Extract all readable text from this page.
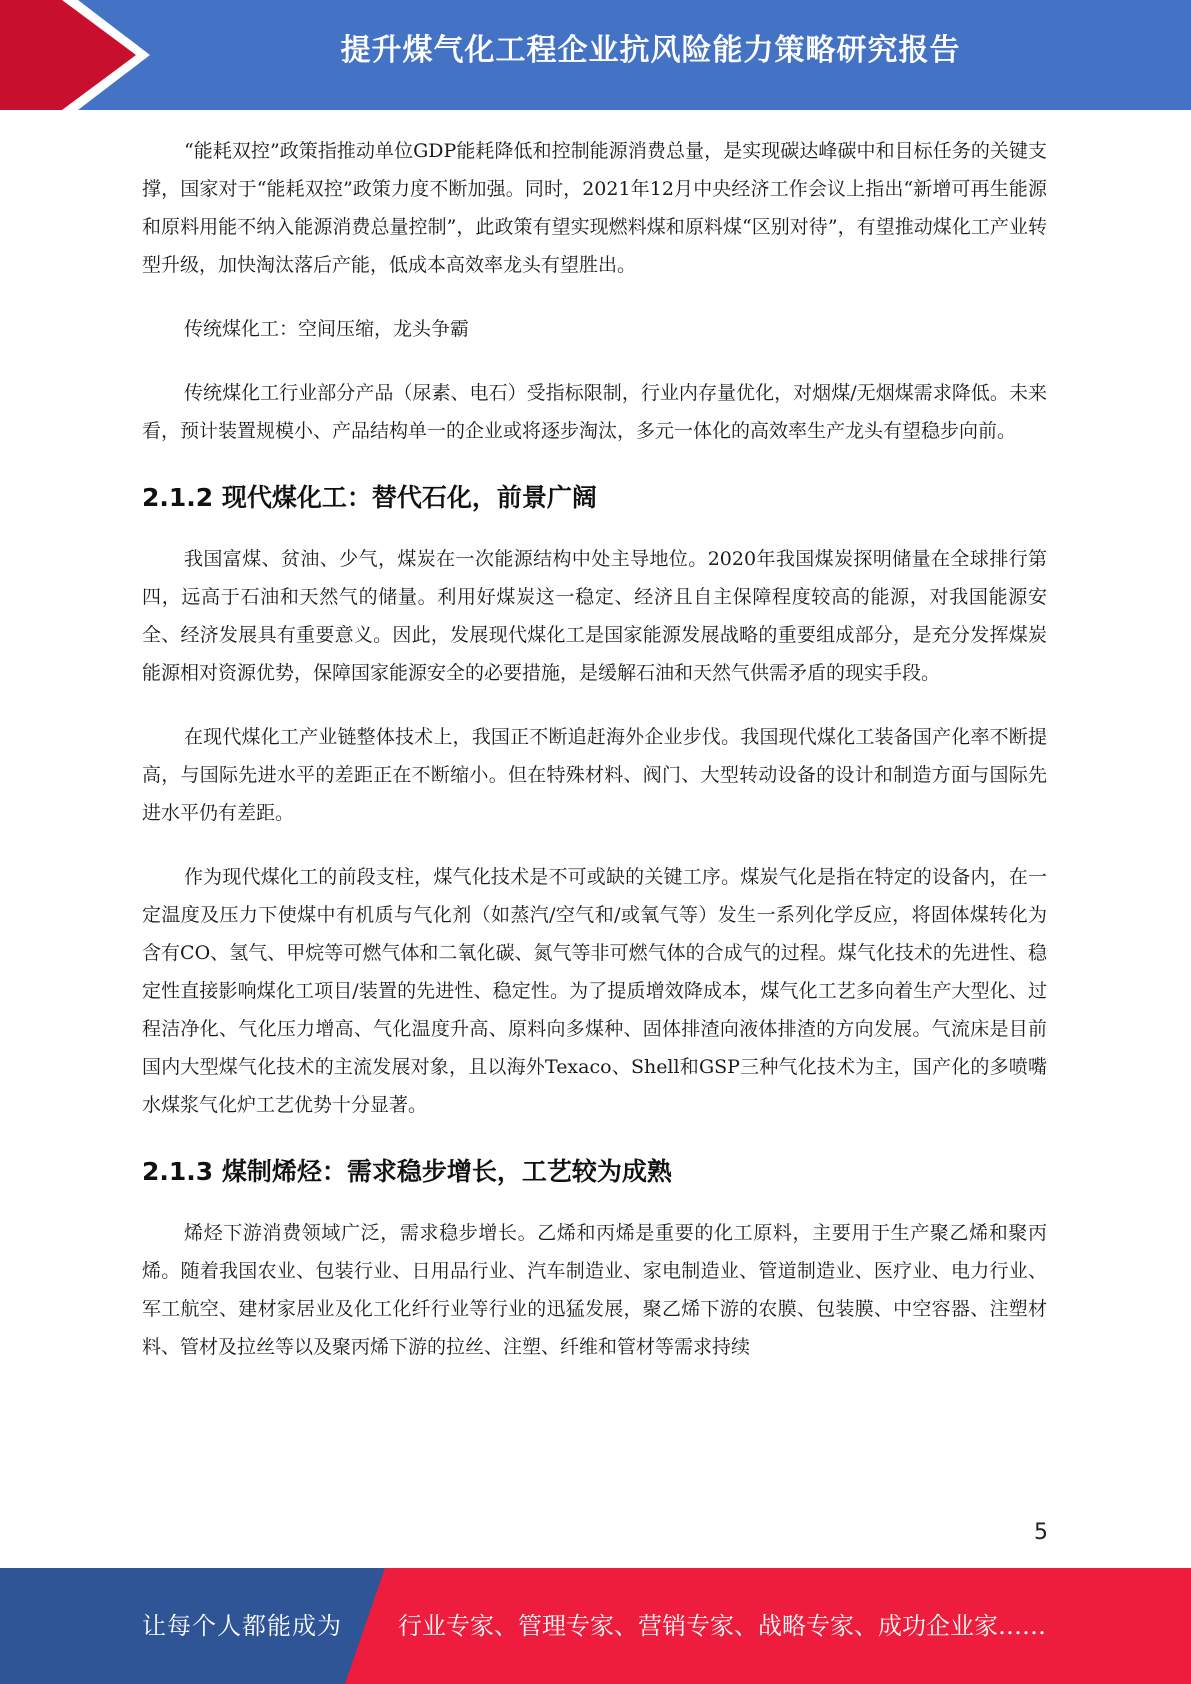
提升煤气化工程企业抗风险能力策略研究报告

“能耗双控”政策指推动单位GDP能耗降低和控制能源消费总量，是实现碳达峰碳中和目标任务的关键支撑，国家对于“能耗双控”政策力度不断加强。同时，2021年12月中央经济工作会议上指出“新增可再生能源和原料用能不纳入能源消费总量控制”，此政策有望实现燃料煤和原料煤“区别对待”，有望推动煤化工产业转型升级，加快淘汰落后产能，低成本高效率龙头有望胜出。

传统煤化工：空间压缩，龙头争霸

传统煤化工行业部分产品（尿素、电石）受指标限制，行业内存量优化，对烟煤/无烟煤需求降低。未来看，预计装置规模小、产品结构单一的企业或将逐步淘汰，多元一体化的高效率生产龙头有望稳步向前。

2.1.2 现代煤化工：替代石化，前景广阔

我国富煤、贫油、少气，煤炭在一次能源结构中处主导地位。2020年我国煤炭探明储量在全球排行第四，远高于石油和天然气的储量。利用好煤炭这一稳定、经济且自主保障程度较高的能源，对我国能源安全、经济发展具有重要意义。因此，发展现代煤化工是国家能源发展战略的重要组成部分，是充分发挥煤炭能源相对资源优势，保障国家能源安全的必要措施，是缓解石油和天然气供需矛盾的现实手段。

在现代煤化工产业链整体技术上，我国正不断追赶海外企业步伐。我国现代煤化工装备国产化率不断提高，与国际先进水平的差距正在不断缩小。但在特殊材料、阀门、大型转动设备的设计和制造方面与国际先进水平仍有差距。

作为现代煤化工的前段支柱，煤气化技术是不可或缺的关键工序。煤炭气化是指在特定的设备内，在一定温度及压力下使煤中有机质与气化剂（如蒸汽/空气和/或氧气等）发生一系列化学反应，将固体煤转化为含有CO、氢气、甲烷等可燃气体和二氧化碳、氮气等非可燃气体的合成气的过程。煤气化技术的先进性、稳定性直接影响煤化工项目/装置的先进性、稳定性。为了提质增效降成本，煤气化工艺多向着生产大型化、过程洁净化、气化压力增高、气化温度升高、原料向多煤种、固体排渣向液体排渣的方向发展。气流床是目前国内大型煤气化技术的主流发展对象，且以海外Texaco、Shell和GSP三种气化技术为主，国产化的多喷嘴水煤浆气化炉工艺优势十分显著。

2.1.3 煤制烯烃：需求稳步增长，工艺较为成熟

烯烃下游消费领域广泛，需求稳步增长。乙烯和丙烯是重要的化工原料，主要用于生产聚乙烯和聚丙烯。随着我国农业、包装行业、日用品行业、汽车制造业、家电制造业、管道制造业、医疗业、电力行业、军工航空、建材家居业及化工化纤行业等行业的迅猛发展，聚乙烯下游的农膜、包装膜、中空容器、注塑材料、管材及拉丝等以及聚丙烯下游的拉丝、注塑、纤维和管材等需求持续

5
让每个人都能成为 行业专家、管理专家、营销专家、战略专家、成功企业家……
